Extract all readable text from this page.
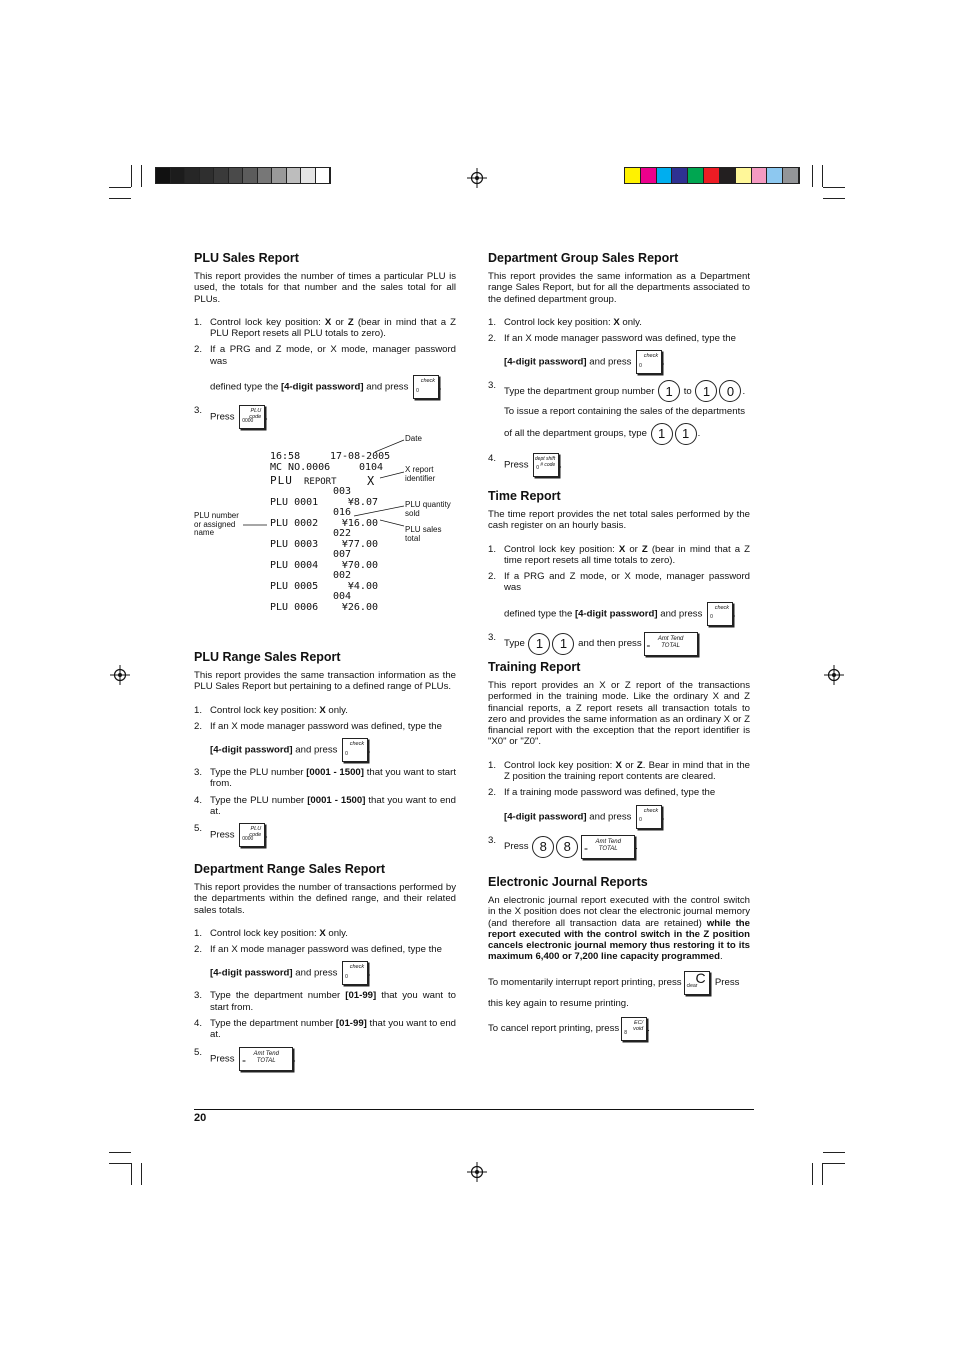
PLU Sales Report

This report provides the number of times a particular PLU is used, the totals for that number and the sales total for all PLUs.

1. Control lock key position: X or Z (bear in mind that a Z PLU Report resets all PLU totals to zero).
2. If a PRG and Z mode, or X mode, manager password was
defined type the [4-digit password] and press
check
0 .
3.
Press
PLU
code
0000 .
16:58	17-08-2005
MC NO.0006	0104
PLU REPORT	X
003
PLU 0001	¥8.07
016
PLU 0002 ¥16.00
022
PLU 0003 ¥77.00
007
PLU 0004 ¥70.00
002
PLU 0005	¥4.00
004
PLU 0006 ¥26.00
Date
X report
identifier
PLU quantity
sold
PLU sales
total
PLU number
or assigned
name
PLU Range Sales Report

This report provides the same transaction information as the PLU Sales Report but pertaining to a defined range of PLUs.

1. Control lock key position: X only.
2. If an X mode manager password was defined, type the
[4-digit password] and press
check
0 .
3. Type the PLU number [0001 - 1500] that you want to start from.
4. Type the PLU number [0001 - 1500] that you want to end at.
5.
Press
PLU
code
0000 .
Department Range Sales Report

This report provides the number of transactions performed by the departments within the defined range, and their related sales totals.

1. Control lock key position: X only.
2. If an X mode manager password was defined, type the
[4-digit password] and press
check
0 .
3. Type the department number [01-99] that you want to start from.
4. Type the department number [01-99] that you want to end at.
5.
Press	Amt Tend
TOTAL
=	.
Department Group Sales Report

This report provides the same information as a Department range Sales Report, but for all the departments associated to the defined department group.

1. Control lock key position: X only.
2. If an X mode manager password was defined, type the
[4-digit password] and press
check
0 .
3. Type the department group number
1
	to
1	0 .
To issue a report containing the sales of the departments
of all the department groups, type
1	1 .
4.
Press
dept shift
# code
0 .
Time Report

The time report provides the net total sales performed by the cash register on an hourly basis.

1. Control lock key position: X or Z (bear in mind that a Z time report resets all time totals to zero).
2. If a PRG and Z mode, or X mode, manager password was
defined type the [4-digit password] and press
check
0 .
3.
Type
1	1
	and then press	Amt Tend
TOTAL
=	.
Training Report

This report provides an X or Z report of the transactions performed in the training mode. Like the ordinary X and Z financial reports, a Z report resets all transaction totals to zero and provides the same information as an ordinary X or Z financial report with the exception that the report identifier is "X0" or "Z0".

1. Control lock key position: X or Z. Bear in mind that in the Z position the training report contents are cleared.
2. If a training mode password was defined, type the
[4-digit password] and press
check
0 .
3.
Press
8	8	Amt Tend
TOTAL
=	.
Electronic Journal Reports

An electronic journal report executed with the control switch in the X position does not clear the electronic journal memory (and therefore all transaction data are retained) while the report executed with the control switch in the Z position cancels electronic journal memory thus restoring it to its maximum 6,400 or 7,200 line capacity programmed.

To momentarily interrupt report printing, press C
clear . Press
this key again to resume printing.
To cancel report printing, press
EC/
void
8 .
20
